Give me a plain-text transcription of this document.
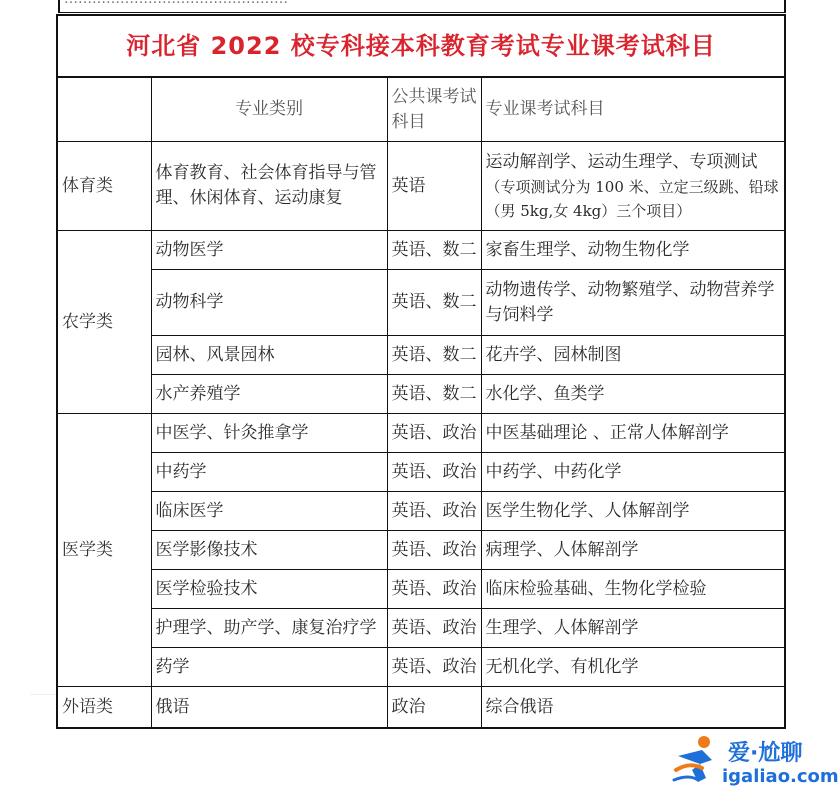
河北省 2022 校专科接本科教育考试专业课考试科目			
	专业类别	公共课考试科目	专业课考试科目
体育类	体育教育、社会体育指导与管理、休闲体育、运动康复	英语	运动解剖学、运动生理学、专项测试
（专项测试分为 100 米、立定三级跳、铅球（男 5kg,女 4kg）三个项目）

农学类	动物医学	英语、数二	家畜生理学、动物生物化学
	动物科学	英语、数二	动物遗传学、动物繁殖学、动物营养学与饲料学
	园林、风景园林	英语、数二	花卉学、园林制图
	水产养殖学	英语、数二	水化学、鱼类学
医学类	中医学、针灸推拿学	英语、政治	中医基础理论 、正常人体解剖学
	中药学	英语、政治	中药学、中药化学
	临床医学	英语、政治	医学生物化学、人体解剖学
	医学影像技术	英语、政治	病理学、人体解剖学
	医学检验技术	英语、政治	临床检验基础、生物化学检验
	护理学、助产学、康复治疗学	英语、政治	生理学、人体解剖学
	药学	英语、政治	无机化学、有机化学
外语类	俄语	政治	综合俄语
爱·尬聊
igaliao.com
